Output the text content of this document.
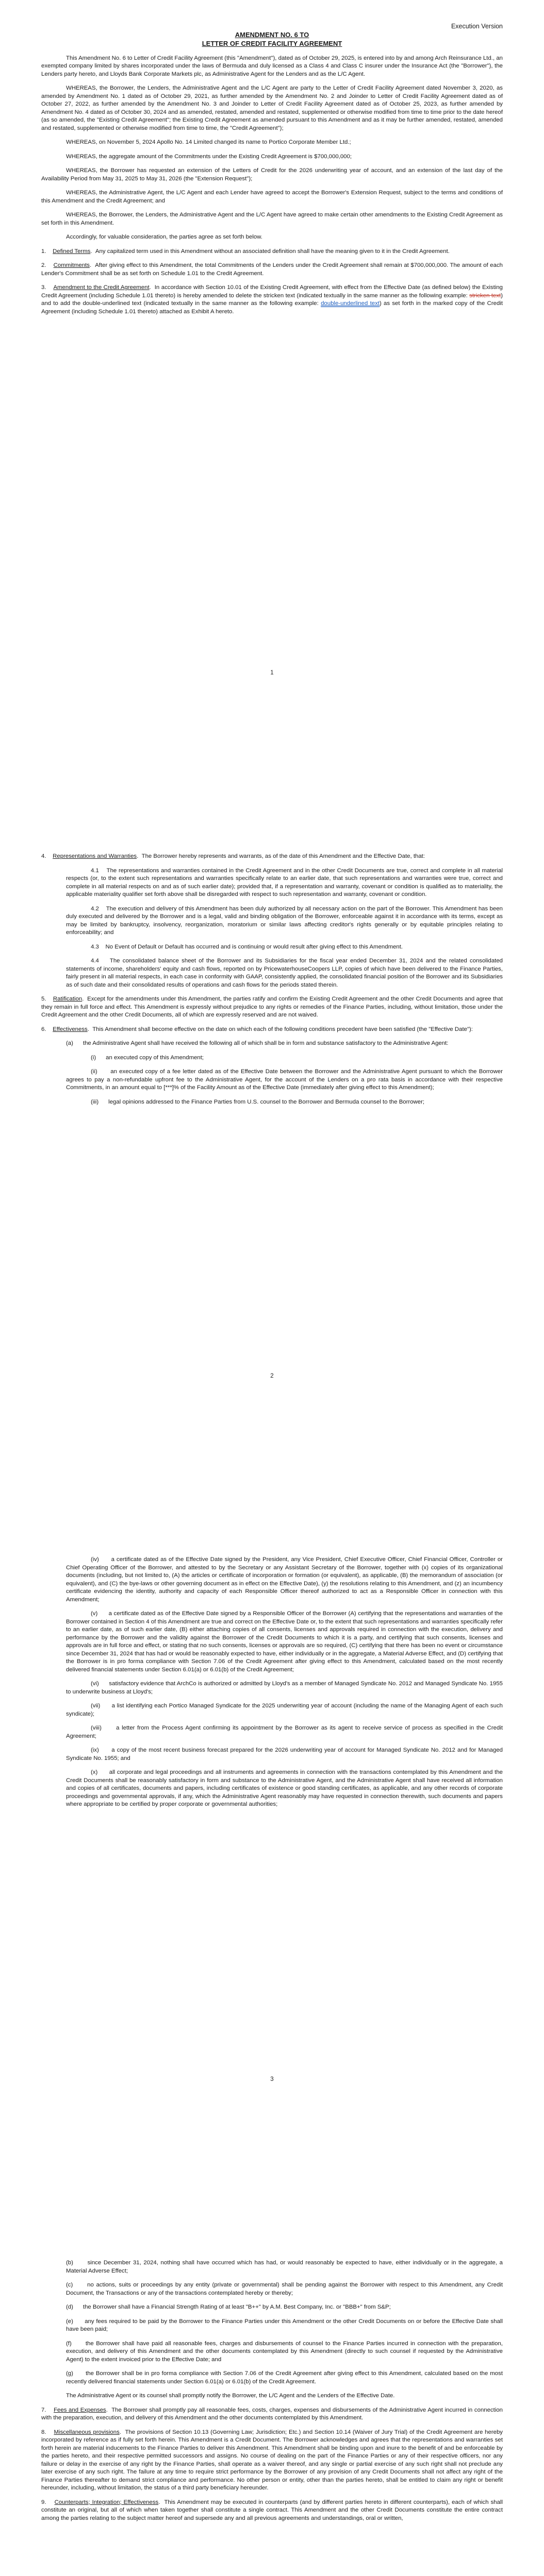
Execution Version
AMENDMENT NO. 6 TO
LETTER OF CREDIT FACILITY AGREEMENT

This Amendment No. 6 to Letter of Credit Facility Agreement (this "Amendment"), dated as of October 29, 2025, is entered into by and among Arch Reinsurance Ltd., an exempted company limited by shares incorporated under the laws of Bermuda and duly licensed as a Class 4 and Class C insurer under the Insurance Act (the "Borrower"), the Lenders party hereto, and Lloyds Bank Corporate Markets plc, as Administrative Agent for the Lenders and as the L/C Agent.

WHEREAS, the Borrower, the Lenders, the Administrative Agent and the L/C Agent are party to the Letter of Credit Facility Agreement dated November 3, 2020, as amended by Amendment No. 1 dated as of October 29, 2021, as further amended by the Amendment No. 2 and Joinder to Letter of Credit Facility Agreement dated as of October 27, 2022, as further amended by the Amendment No. 3 and Joinder to Letter of Credit Facility Agreement dated as of October 25, 2023, as further amended by Amendment No. 4 dated as of October 30, 2024 and as amended, restated, amended and restated, supplemented or otherwise modified from time to time prior to the date hereof (as so amended, the "Existing Credit Agreement"; the Existing Credit Agreement as amended pursuant to this Amendment and as it may be further amended, restated, amended and restated, supplemented or otherwise modified from time to time, the "Credit Agreement");

WHEREAS, on November 5, 2024 Apollo No. 14 Limited changed its name to Portico Corporate Member Ltd.;

WHEREAS, the aggregate amount of the Commitments under the Existing Credit Agreement is $700,000,000;

WHEREAS, the Borrower has requested an extension of the Letters of Credit for the 2026 underwriting year of account, and an extension of the last day of the Availability Period from May 31, 2025 to May 31, 2026 (the "Extension Request");

WHEREAS, the Administrative Agent, the L/C Agent and each Lender have agreed to accept the Borrower's Extension Request, subject to the terms and conditions of this Amendment and the Credit Agreement; and

WHEREAS, the Borrower, the Lenders, the Administrative Agent and the L/C Agent have agreed to make certain other amendments to the Existing Credit Agreement as set forth in this Amendment.

Accordingly, for valuable consideration, the parties agree as set forth below.

1.    Defined Terms.  Any capitalized term used in this Amendment without an associated definition shall have the meaning given to it in the Credit Agreement.

2.    Commitments.  After giving effect to this Amendment, the total Commitments of the Lenders under the Credit Agreement shall remain at $700,000,000. The amount of each Lender's Commitment shall be as set forth on Schedule 1.01 to the Credit Agreement.

3.    Amendment to the Credit Agreement.  In accordance with Section 10.01 of the Existing Credit Agreement, with effect from the Effective Date (as defined below) the Existing Credit Agreement (including Schedule 1.01 thereto) is hereby amended to delete the stricken text (indicated textually in the same manner as the following example: stricken text) and to add the double-underlined text (indicated textually in the same manner as the following example: double-underlined text) as set forth in the marked copy of the Credit Agreement (including Schedule 1.01 thereto) attached as Exhibit A hereto.

1

4.    Representations and Warranties.  The Borrower hereby represents and warrants, as of the date of this Amendment and the Effective Date, that:

4.1    The representations and warranties contained in the Credit Agreement and in the other Credit Documents are true, correct and complete in all material respects (or, to the extent such representations and warranties specifically relate to an earlier date, that such representations and warranties were true, correct and complete in all material respects on and as of such earlier date); provided that, if a representation and warranty, covenant or condition is qualified as to materiality, the applicable materiality qualifier set forth above shall be disregarded with respect to such representation and warranty, covenant or condition.

4.2    The execution and delivery of this Amendment has been duly authorized by all necessary action on the part of the Borrower. This Amendment has been duly executed and delivered by the Borrower and is a legal, valid and binding obligation of the Borrower, enforceable against it in accordance with its terms, except as may be limited by bankruptcy, insolvency, reorganization, moratorium or similar laws affecting creditor's rights generally or by equitable principles relating to enforceability; and

4.3    No Event of Default or Default has occurred and is continuing or would result after giving effect to this Amendment.

4.4    The consolidated balance sheet of the Borrower and its Subsidiaries for the fiscal year ended December 31, 2024 and the related consolidated statements of income, shareholders' equity and cash flows, reported on by PricewaterhouseCoopers LLP, copies of which have been delivered to the Finance Parties, fairly present in all material respects, in each case in conformity with GAAP, consistently applied, the consolidated financial position of the Borrower and its Subsidiaries as of such date and their consolidated results of operations and cash flows for the periods stated therein.

5.    Ratification.  Except for the amendments under this Amendment, the parties ratify and confirm the Existing Credit Agreement and the other Credit Documents and agree that they remain in full force and effect. This Amendment is expressly without prejudice to any rights or remedies of the Finance Parties, including, without limitation, those under the Credit Agreement and the other Credit Documents, all of which are expressly reserved and are not waived.

6.    Effectiveness.  This Amendment shall become effective on the date on which each of the following conditions precedent have been satisfied (the "Effective Date"):

(a)      the Administrative Agent shall have received the following all of which shall be in form and substance satisfactory to the Administrative Agent:

(i)      an executed copy of this Amendment;

(ii)      an executed copy of a fee letter dated as of the Effective Date between the Borrower and the Administrative Agent pursuant to which the Borrower agrees to pay a non-refundable upfront fee to the Administrative Agent, for the account of the Lenders on a pro rata basis in accordance with their respective Commitments, in an amount equal to [***]% of the Facility Amount as of the Effective Date (immediately after giving effect to this Amendment);

(iii)      legal opinions addressed to the Finance Parties from U.S. counsel to the Borrower and Bermuda counsel to the Borrower;

2

(iv)      a certificate dated as of the Effective Date signed by the President, any Vice President, Chief Executive Officer, Chief Financial Officer, Controller or Chief Operating Officer of the Borrower, and attested to by the Secretary or any Assistant Secretary of the Borrower, together with (x) copies of its organizational documents (including, but not limited to, (A) the articles or certificate of incorporation or formation (or equivalent), as applicable, (B) the memorandum of association (or equivalent), and (C) the bye-laws or other governing document as in effect on the Effective Date), (y) the resolutions relating to this Amendment, and (z) an incumbency certificate evidencing the identity, authority and capacity of each Responsible Officer thereof authorized to act as a Responsible Officer in connection with this Amendment;

(v)      a certificate dated as of the Effective Date signed by a Responsible Officer of the Borrower (A) certifying that the representations and warranties of the Borrower contained in Section 4 of this Amendment are true and correct on the Effective Date or, to the extent that such representations and warranties specifically refer to an earlier date, as of such earlier date, (B) either attaching copies of all consents, licenses and approvals required in connection with the execution, delivery and performance by the Borrower and the validity against the Borrower of the Credit Documents to which it is a party, and certifying that such consents, licenses and approvals are in full force and effect, or stating that no such consents, licenses or approvals are so required, (C) certifying that there has been no event or circumstance since December 31, 2024 that has had or would be reasonably expected to have, either individually or in the aggregate, a Material Adverse Effect, and (D) certifying that the Borrower is in pro forma compliance with Section 7.06 of the Credit Agreement after giving effect to this Amendment, calculated based on the most recently delivered financial statements under Section 6.01(a) or 6.01(b) of the Credit Agreement;

(vi)      satisfactory evidence that ArchCo is authorized or admitted by Lloyd's as a member of Managed Syndicate No. 2012 and Managed Syndicate No. 1955 to underwrite business at Lloyd's;

(vii)      a list identifying each Portico Managed Syndicate for the 2025 underwriting year of account (including the name of the Managing Agent of each such syndicate);

(viii)      a letter from the Process Agent confirming its appointment by the Borrower as its agent to receive service of process as specified in the Credit Agreement;

(ix)      a copy of the most recent business forecast prepared for the 2026 underwriting year of account for Managed Syndicate No. 2012 and for Managed Syndicate No. 1955; and

(x)      all corporate and legal proceedings and all instruments and agreements in connection with the transactions contemplated by this Amendment and the Credit Documents shall be reasonably satisfactory in form and substance to the Administrative Agent, and the Administrative Agent shall have received all information and copies of all certificates, documents and papers, including certificates of existence or good standing certificates, as applicable, and any other records of corporate proceedings and governmental approvals, if any, which the Administrative Agent reasonably may have requested in connection therewith, such documents and papers where appropriate to be certified by proper corporate or governmental authorities;

3

(b)      since December 31, 2024, nothing shall have occurred which has had, or would reasonably be expected to have, either individually or in the aggregate, a Material Adverse Effect;

(c)      no actions, suits or proceedings by any entity (private or governmental) shall be pending against the Borrower with respect to this Amendment, any Credit Document, the Transactions or any of the transactions contemplated hereby or thereby;

(d)      the Borrower shall have a Financial Strength Rating of at least "B++" by A.M. Best Company, Inc. or "BBB+" from S&P;

(e)      any fees required to be paid by the Borrower to the Finance Parties under this Amendment or the other Credit Documents on or before the Effective Date shall have been paid;

(f)      the Borrower shall have paid all reasonable fees, charges and disbursements of counsel to the Finance Parties incurred in connection with the preparation, execution, and delivery of this Amendment and the other documents contemplated by this Amendment (directly to such counsel if requested by the Administrative Agent) to the extent invoiced prior to the Effective Date; and

(g)      the Borrower shall be in pro forma compliance with Section 7.06 of the Credit Agreement after giving effect to this Amendment, calculated based on the most recently delivered financial statements under Section 6.01(a) or 6.01(b) of the Credit Agreement.

The Administrative Agent or its counsel shall promptly notify the Borrower, the L/C Agent and the Lenders of the Effective Date.

7.    Fees and Expenses.  The Borrower shall promptly pay all reasonable fees, costs, charges, expenses and disbursements of the Administrative Agent incurred in connection with the preparation, execution, and delivery of this Amendment and the other documents contemplated by this Amendment.

8.    Miscellaneous provisions.  The provisions of Section 10.13 (Governing Law; Jurisdiction; Etc.) and Section 10.14 (Waiver of Jury Trial) of the Credit Agreement are hereby incorporated by reference as if fully set forth herein. This Amendment is a Credit Document. The Borrower acknowledges and agrees that the representations and warranties set forth herein are material inducements to the Finance Parties to deliver this Amendment. This Amendment shall be binding upon and inure to the benefit of and be enforceable by the parties hereto, and their respective permitted successors and assigns. No course of dealing on the part of the Finance Parties or any of their respective officers, nor any failure or delay in the exercise of any right by the Finance Parties, shall operate as a waiver thereof, and any single or partial exercise of any such right shall not preclude any later exercise of any such right. The failure at any time to require strict performance by the Borrower of any provision of any Credit Documents shall not affect any right of the Finance Parties thereafter to demand strict compliance and performance. No other person or entity, other than the parties hereto, shall be entitled to claim any right or benefit hereunder, including, without limitation, the status of a third party beneficiary hereunder.

9.    Counterparts; Integration; Effectiveness.  This Amendment may be executed in counterparts (and by different parties hereto in different counterparts), each of which shall constitute an original, but all of which when taken together shall constitute a single contract. This Amendment and the other Credit Documents constitute the entire contract among the parties relating to the subject matter hereof and supersede any and all previous agreements and understandings, oral or written,
